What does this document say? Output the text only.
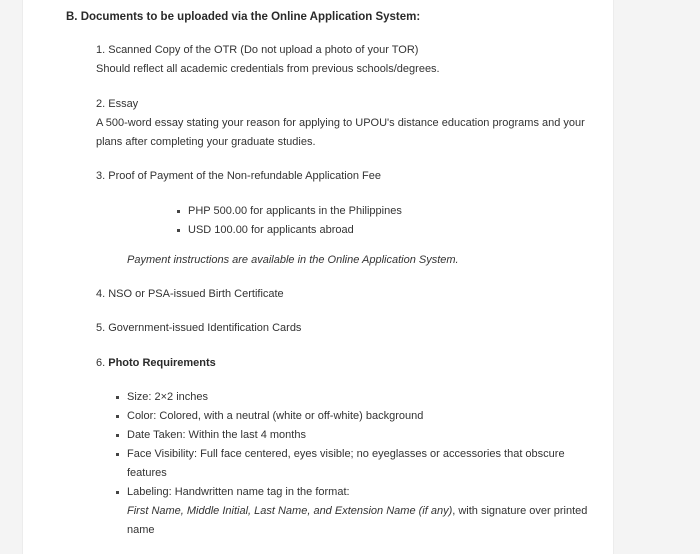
B. Documents to be uploaded via the Online Application System:
1. Scanned Copy of the OTR (Do not upload a photo of your TOR)
Should reflect all academic credentials from previous schools/degrees.
2. Essay
A 500-word essay stating your reason for applying to UPOU's distance education programs and your
plans after completing your graduate studies.
3. Proof of Payment of the Non-refundable Application Fee
PHP 500.00 for applicants in the Philippines
USD 100.00 for applicants abroad
Payment instructions are available in the Online Application System.
4. NSO or PSA-issued Birth Certificate
5. Government-issued Identification Cards
6. Photo Requirements
Size: 2×2 inches
Color: Colored, with a neutral (white or off-white) background
Date Taken: Within the last 4 months
Face Visibility: Full face centered, eyes visible; no eyeglasses or accessories that obscure
features
Labeling: Handwritten name tag in the format:
First Name, Middle Initial, Last Name, and Extension Name (if any), with signature over printed
name
